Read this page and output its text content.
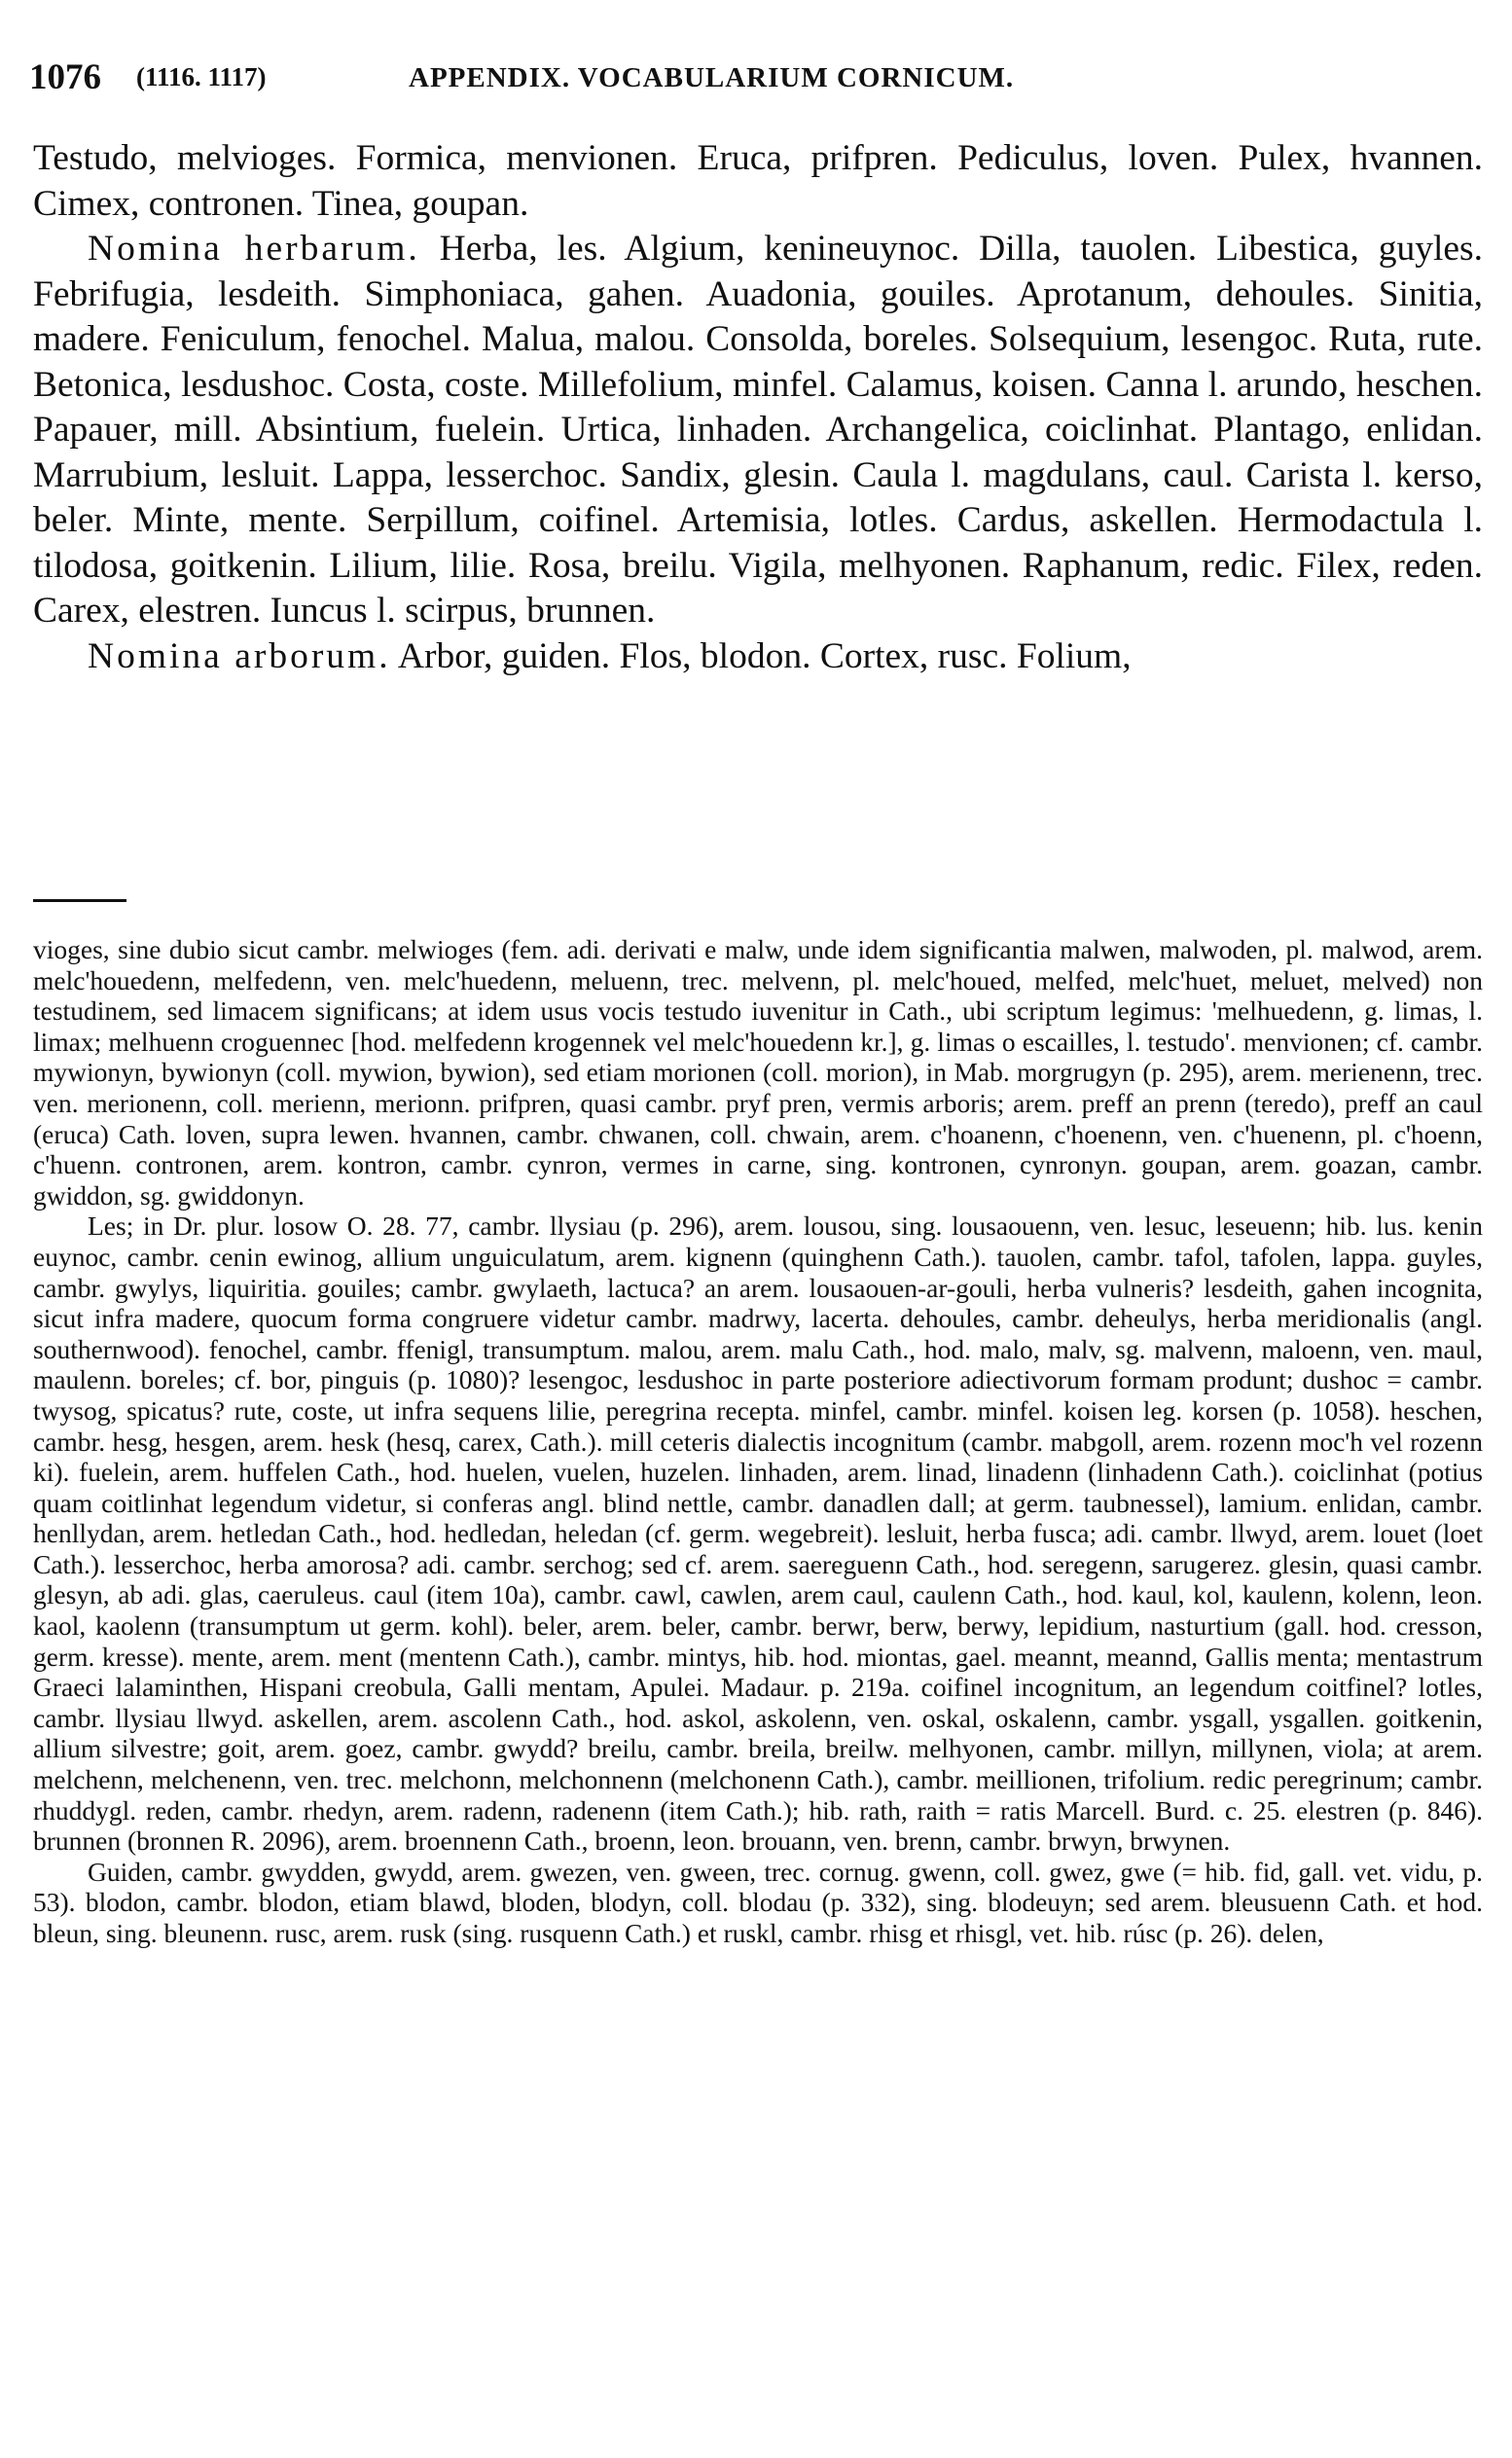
1076 (1116. 1117)	APPENDIX. VOCABULARIUM CORNICUM.

Testudo, melvioges. Formica, menvionen. Eruca, prifpren. Pediculus, loven. Pulex, hvannen. Cimex, contronen. Tinea, goupan.

Nomina herbarum. Herba, les. Algium, kenineuynoc. Dilla, tauolen. Libestica, guyles. Febrifugia, lesdeith. Simphoniaca, gahen. Auadonia, gouiles. Aprotanum, dehoules. Sinitia, madere. Feniculum, fenochel. Malua, malou. Consolda, boreles. Solsequium, lesengoc. Ruta, rute. Betonica, lesdushoc. Costa, coste. Millefolium, minfel. Calamus, koisen. Canna l. arundo, heschen. Papauer, mill. Absintium, fuelein. Urtica, linhaden. Archangelica, coiclinhat. Plantago, enlidan. Marrubium, lesluit. Lappa, lesserchoc. Sandix, glesin. Caula l. magdulans, caul. Carista l. kerso, beler. Minte, mente. Serpillum, coifinel. Artemisia, lotles. Cardus, askellen. Hermodactula l. tilodosa, goitkenin. Lilium, lilie. Rosa, breilu. Vigila, melhyonen. Raphanum, redic. Filex, reden. Carex, elestren. Iuncus l. scirpus, brunnen.

Nomina arborum. Arbor, guiden. Flos, blodon. Cortex, rusc. Folium,

vioges, sine dubio sicut cambr. melwioges (fem. adi. derivati e malw, unde idem significantia malwen, malwoden, pl. malwod, arem. melc'houedenn, melfedenn, ven. melc'huedenn, meluenn, trec. melvenn, pl. melc'houed, melfed, melc'huet, meluet, melved) non testudinem, sed limacem significans; at idem usus vocis testudo iuvenitur in Cath., ubi scriptum legimus: 'melhuedenn, g. limas, l. limax; melhuenn croguennec [hod. melfedenn krogennek vel melc'houedenn kr.], g. limas o escailles, l. testudo'. menvionen; cf. cambr. mywionyn, bywionyn (coll. mywion, bywion), sed etiam morionen (coll. morion), in Mab. morgrugyn (p. 295), arem. merienenn, trec. ven. merionenn, coll. merienn, merionn. prifpren, quasi cambr. pryf pren, vermis arboris; arem. preff an prenn (teredo), preff an caul (eruca) Cath. loven, supra lewen. hvannen, cambr. chwanen, coll. chwain, arem. c'hoanenn, c'hoenenn, ven. c'huenenn, pl. c'hoenn, c'huenn. contronen, arem. kontron, cambr. cynron, vermes in carne, sing. kontronen, cynronyn. goupan, arem. goazan, cambr. gwiddon, sg. gwiddonyn.

Les; in Dr. plur. losow O. 28. 77, cambr. llysiau (p. 296), arem. lousou, sing. lousaouenn, ven. lesuc, leseuenn; hib. lus. kenin euynoc, cambr. cenin ewinog, allium unguiculatum, arem. kignenn (quinghenn Cath.). tauolen, cambr. tafol, tafolen, lappa. guyles, cambr. gwylys, liquiritia. gouiles; cambr. gwylaeth, lactuca? an arem. lousaouen-ar-gouli, herba vulneris? lesdeith, gahen incognita, sicut infra madere, quocum forma congruere videtur cambr. madrwy, lacerta. dehoules, cambr. deheulys, herba meridionalis (angl. southernwood). fenochel, cambr. ffenigl, transumptum. malou, arem. malu Cath., hod. malo, malv, sg. malvenn, maloenn, ven. maul, maulenn. boreles; cf. bor, pinguis (p. 1080)? lesengoc, lesdushoc in parte posteriore adiectivorum formam produnt; dushoc = cambr. twysog, spicatus? rute, coste, ut infra sequens lilie, peregrina recepta. minfel, cambr. minfel. koisen leg. korsen (p. 1058). heschen, cambr. hesg, hesgen, arem. hesk (hesq, carex, Cath.). mill ceteris dialectis incognitum (cambr. mabgoll, arem. rozenn moc'h vel rozenn ki). fuelein, arem. huffelen Cath., hod. huelen, vuelen, huzelen. linhaden, arem. linad, linadenn (linhadenn Cath.). coiclinhat (potius quam coitlinhat legendum videtur, si conferas angl. blind nettle, cambr. danadlen dall; at germ. taubnessel), lamium. enlidan, cambr. henllydan, arem. hetledan Cath., hod. hedledan, heledan (cf. germ. wegebreit). lesluit, herba fusca; adi. cambr. llwyd, arem. louet (loet Cath.). lesserchoc, herba amorosa? adi. cambr. serchog; sed cf. arem. saereguenn Cath., hod. seregenn, sarugerez. glesin, quasi cambr. glesyn, ab adi. glas, caeruleus. caul (item 10a), cambr. cawl, cawlen, arem caul, caulenn Cath., hod. kaul, kol, kaulenn, kolenn, leon. kaol, kaolenn (transumptum ut germ. kohl). beler, arem. beler, cambr. berwr, berw, berwy, lepidium, nasturtium (gall. hod. cresson, germ. kresse). mente, arem. ment (mentenn Cath.), cambr. mintys, hib. hod. miontas, gael. meannt, meannd, Gallis menta; mentastrum Graeci lalaminthen, Hispani creobula, Galli mentam, Apulei. Madaur. p. 219a. coifinel incognitum, an legendum coitfinel? lotles, cambr. llysiau llwyd. askellen, arem. ascolenn Cath., hod. askol, askolenn, ven. oskal, oskalenn, cambr. ysgall, ysgallen. goitkenin, allium silvestre; goit, arem. goez, cambr. gwydd? breilu, cambr. breila, breilw. melhyonen, cambr. millyn, millynen, viola; at arem. melchenn, melchenenn, ven. trec. melchonn, melchonnenn (melchonenn Cath.), cambr. meillionen, trifolium. redic peregrinum; cambr. rhuddygl. reden, cambr. rhedyn, arem. radenn, radenenn (item Cath.); hib. rath, raith = ratis Marcell. Burd. c. 25. elestren (p. 846). brunnen (bronnen R. 2096), arem. broennenn Cath., broenn, leon. brouann, ven. brenn, cambr. brwyn, brwynen.

Guiden, cambr. gwydden, gwydd, arem. gwezen, ven. gween, trec. cornug. gwenn, coll. gwez, gwe (= hib. fid, gall. vet. vidu, p. 53). blodon, cambr. blodon, etiam blawd, bloden, blodyn, coll. blodau (p. 332), sing. blodeuyn; sed arem. bleusuenn Cath. et hod. bleun, sing. bleunenn. rusc, arem. rusk (sing. rusquenn Cath.) et ruskl, cambr. rhisg et rhisgl, vet. hib. rúsc (p. 26). delen,
